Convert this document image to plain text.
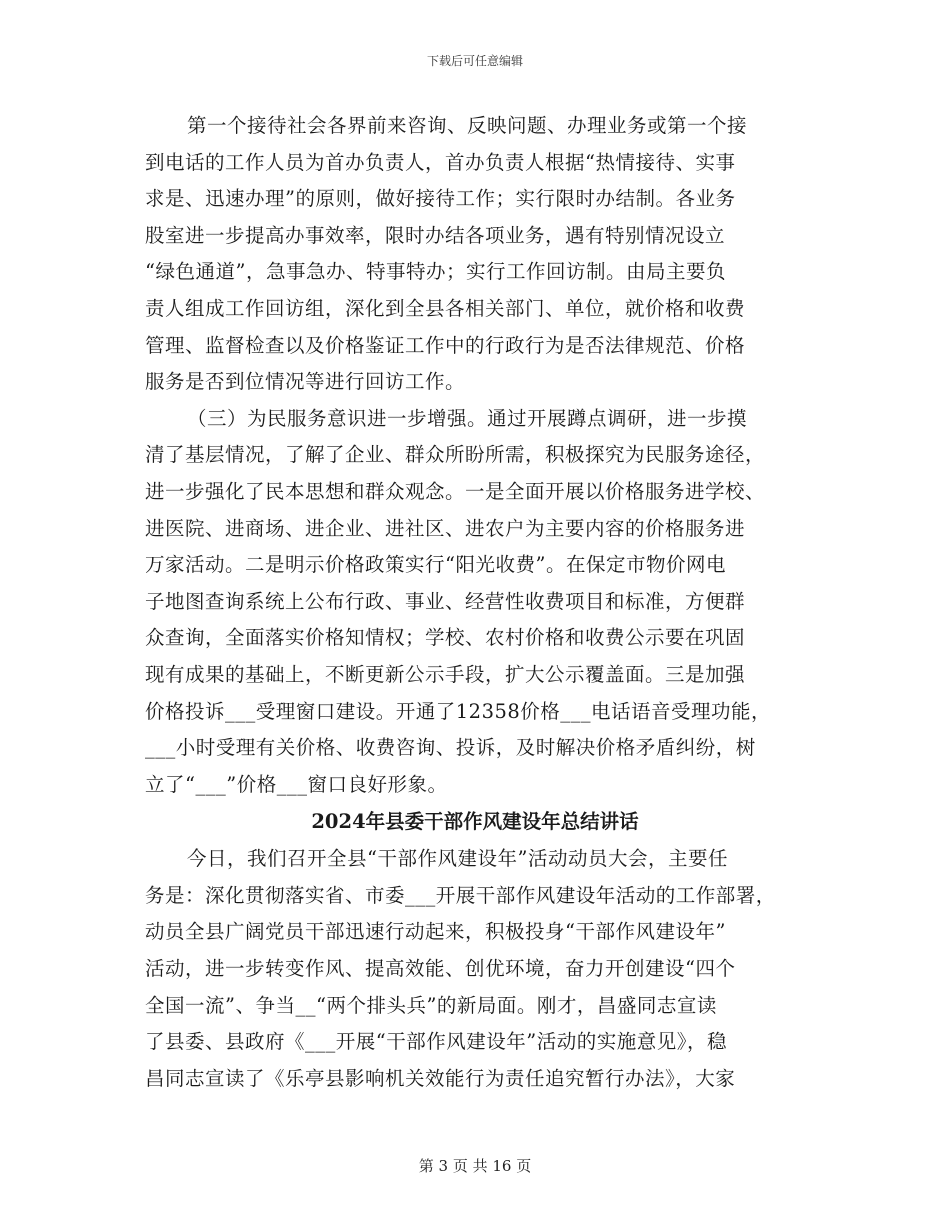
下载后可任意编辑
第一个接待社会各界前来咨询、反映问题、办理业务或第一个接
到电话的工作人员为首办负责人，首办负责人根据“热情接待、实事
求是、迅速办理”的原则，做好接待工作；实行限时办结制。各业务
股室进一步提高办事效率，限时办结各项业务，遇有特别情况设立
“绿色通道”，急事急办、特事特办；实行工作回访制。由局主要负
责人组成工作回访组，深化到全县各相关部门、单位，就价格和收费
管理、监督检查以及价格鉴证工作中的行政行为是否法律规范、价格
服务是否到位情况等进行回访工作。
（三）为民服务意识进一步增强。通过开展蹲点调研，进一步摸
清了基层情况，了解了企业、群众所盼所需，积极探究为民服务途径，
进一步强化了民本思想和群众观念。一是全面开展以价格服务进学校、
进医院、进商场、进企业、进社区、进农户为主要内容的价格服务进
万家活动。二是明示价格政策实行“阳光收费”。在保定市物价网电
子地图查询系统上公布行政、事业、经营性收费项目和标准，方便群
众查询，全面落实价格知情权；学校、农村价格和收费公示要在巩固
现有成果的基础上，不断更新公示手段，扩大公示覆盖面。三是加强
价格投诉___受理窗口建设。开通了12358价格___电话语音受理功能，
___小时受理有关价格、收费咨询、投诉，及时解决价格矛盾纠纷，树
立了“___”价格___窗口良好形象。
2024年县委干部作风建设年总结讲话
今日，我们召开全县“干部作风建设年”活动动员大会，主要任
务是：深化贯彻落实省、市委___开展干部作风建设年活动的工作部署，
动员全县广阔党员干部迅速行动起来，积极投身“干部作风建设年”
活动，进一步转变作风、提高效能、创优环境，奋力开创建设“四个
全国一流”、争当__“两个排头兵”的新局面。刚才，昌盛同志宣读
了县委、县政府《___开展“干部作风建设年”活动的实施意见》，稳
昌同志宣读了《乐亭县影响机关效能行为责任追究暂行办法》，大家
第 3 页 共 16 页
